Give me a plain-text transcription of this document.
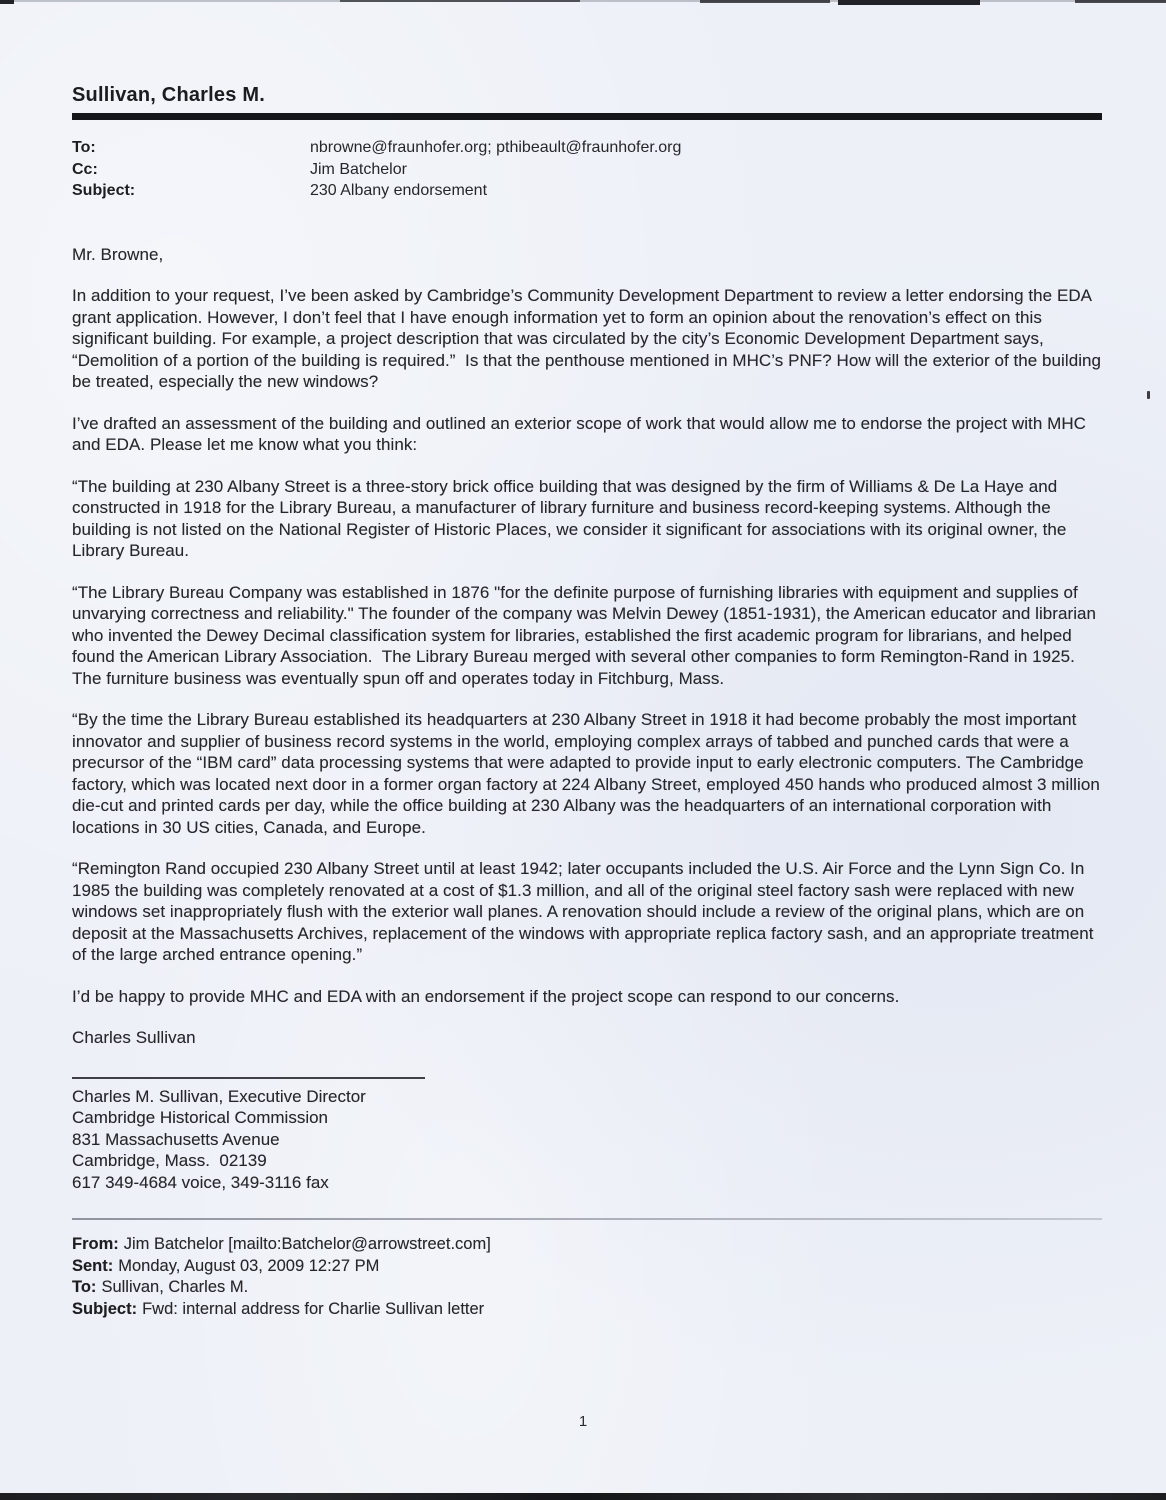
Sullivan, Charles M.
To:	nbrowne@fraunhofer.org; pthibeault@fraunhofer.org
Cc:	Jim Batchelor
Subject:	230 Albany endorsement

Mr. Browne,

In addition to your request, I’ve been asked by Cambridge’s Community Development Department to review a letter endorsing the EDA grant application. However, I don’t feel that I have enough information yet to form an opinion about the renovation’s effect on this significant building. For example, a project description that was circulated by the city’s Economic Development Department says, “Demolition of a portion of the building is required.”  Is that the penthouse mentioned in MHC’s PNF? How will the exterior of the building be treated, especially the new windows?

I’ve drafted an assessment of the building and outlined an exterior scope of work that would allow me to endorse the project with MHC and EDA. Please let me know what you think:

“The building at 230 Albany Street is a three-story brick office building that was designed by the firm of Williams & De La Haye and constructed in 1918 for the Library Bureau, a manufacturer of library furniture and business record-keeping systems. Although the building is not listed on the National Register of Historic Places, we consider it significant for associations with its original owner, the Library Bureau.

“The Library Bureau Company was established in 1876 "for the definite purpose of furnishing libraries with equipment and supplies of unvarying correctness and reliability." The founder of the company was Melvin Dewey (1851-1931), the American educator and librarian who invented the Dewey Decimal classification system for libraries, established the first academic program for librarians, and helped found the American Library Association.  The Library Bureau merged with several other companies to form Remington-Rand in 1925. The furniture business was eventually spun off and operates today in Fitchburg, Mass.

“By the time the Library Bureau established its headquarters at 230 Albany Street in 1918 it had become probably the most important innovator and supplier of business record systems in the world, employing complex arrays of tabbed and punched cards that were a precursor of the “IBM card” data processing systems that were adapted to provide input to early electronic computers. The Cambridge factory, which was located next door in a former organ factory at 224 Albany Street, employed 450 hands who produced almost 3 million die-cut and printed cards per day, while the office building at 230 Albany was the headquarters of an international corporation with locations in 30 US cities, Canada, and Europe.

“Remington Rand occupied 230 Albany Street until at least 1942; later occupants included the U.S. Air Force and the Lynn Sign Co. In 1985 the building was completely renovated at a cost of $1.3 million, and all of the original steel factory sash were replaced with new windows set inappropriately flush with the exterior wall planes. A renovation should include a review of the original plans, which are on deposit at the Massachusetts Archives, replacement of the windows with appropriate replica factory sash, and an appropriate treatment of the large arched entrance opening.”

I’d be happy to provide MHC and EDA with an endorsement if the project scope can respond to our concerns.

Charles Sullivan

Charles M. Sullivan, Executive Director
Cambridge Historical Commission
831 Massachusetts Avenue
Cambridge, Mass.  02139
617 349-4684 voice, 349-3116 fax
From: Jim Batchelor [mailto:Batchelor@arrowstreet.com]
Sent: Monday, August 03, 2009 12:27 PM
To: Sullivan, Charles M.
Subject: Fwd: internal address for Charlie Sullivan letter
1
